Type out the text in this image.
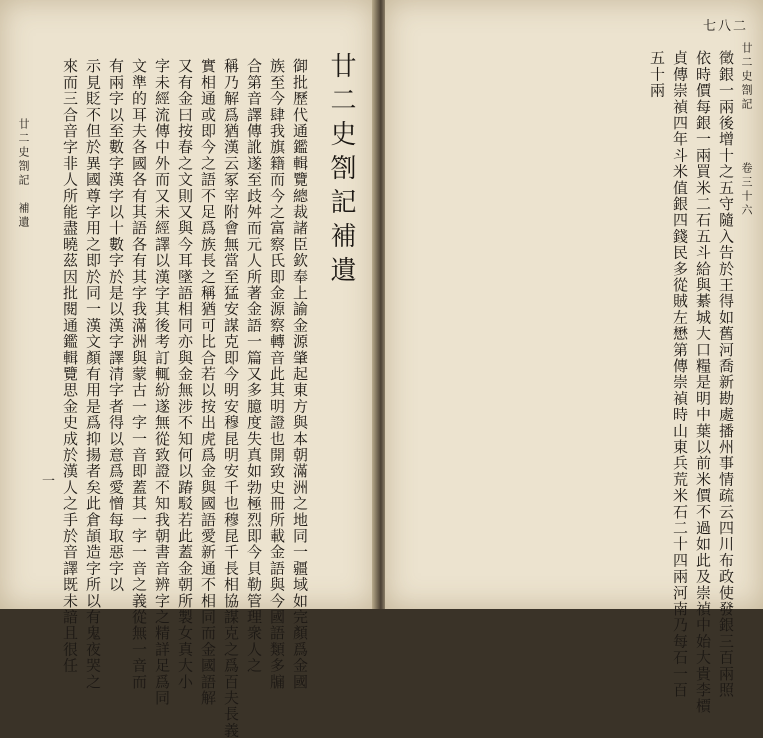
廿二史劄記　補遺
一 來而三合音字非人所能盡曉茲因批閱通鑑輯覽思金史成於漢人之手於音譯既未諳且很任 示見貶不但於異國尊字用之即於同一漢文顏有用是爲抑揚者矣此倉頡造字所以有鬼夜哭之 有兩字以至數字漢字以十數字於是以漢字譯清字者得以意爲愛憎每取惡字以 文準的耳夫各國各有其語各有其字我滿洲與蒙古一字一音即蓋其一字一音之義從無一音而 字未經流傳中外而又未經譯以漢字其後考訂輒紛遂無從致證不知我朝書音辨字之精詳足爲同 又有金曰按春之文則又與今耳墜語相同亦與金無涉不知何以踳駁若此蓋金朝所製女真大小 實相通或即今之語不足爲族長之稱猶可比合若以按出虎爲金與國語愛新通不相同而金國語解 稱乃解爲猶漢云冢宰附會無當至猛安謀克即今明安穆昆明安千也穆昆千長相協謀克之爲百夫長義 合第音譯傳訛遂至歧舛而元人所著金語一篇又多臆度失真如勃極烈即今貝勒管理衆人之 族至今肆我旗籍而今之富察氏即金源察轉音此其明證也開致史冊所載金語與今國語類多牖 御批歷代通鑑輯覽總裁諸臣欽奉上諭金源肇起東方與本朝滿洲之地同一疆域如完顏爲金國 廿二史劄記補遺	五十兩 貞傳崇禎四年斗米值銀四錢民多從賊左懋第傳崇禎時山東兵荒米石二十四兩河南乃每石一百 依時價每銀一兩買米二石五斗給與綦城大口糧是明中葉以前米價不過如此及崇禎中始大貴李檟 徵銀一兩後增十之五守隨入告於王得如舊河喬新勘處播州事情疏云四川布政使發銀三百兩照 廿二史劄記
卷三十六
七八二
